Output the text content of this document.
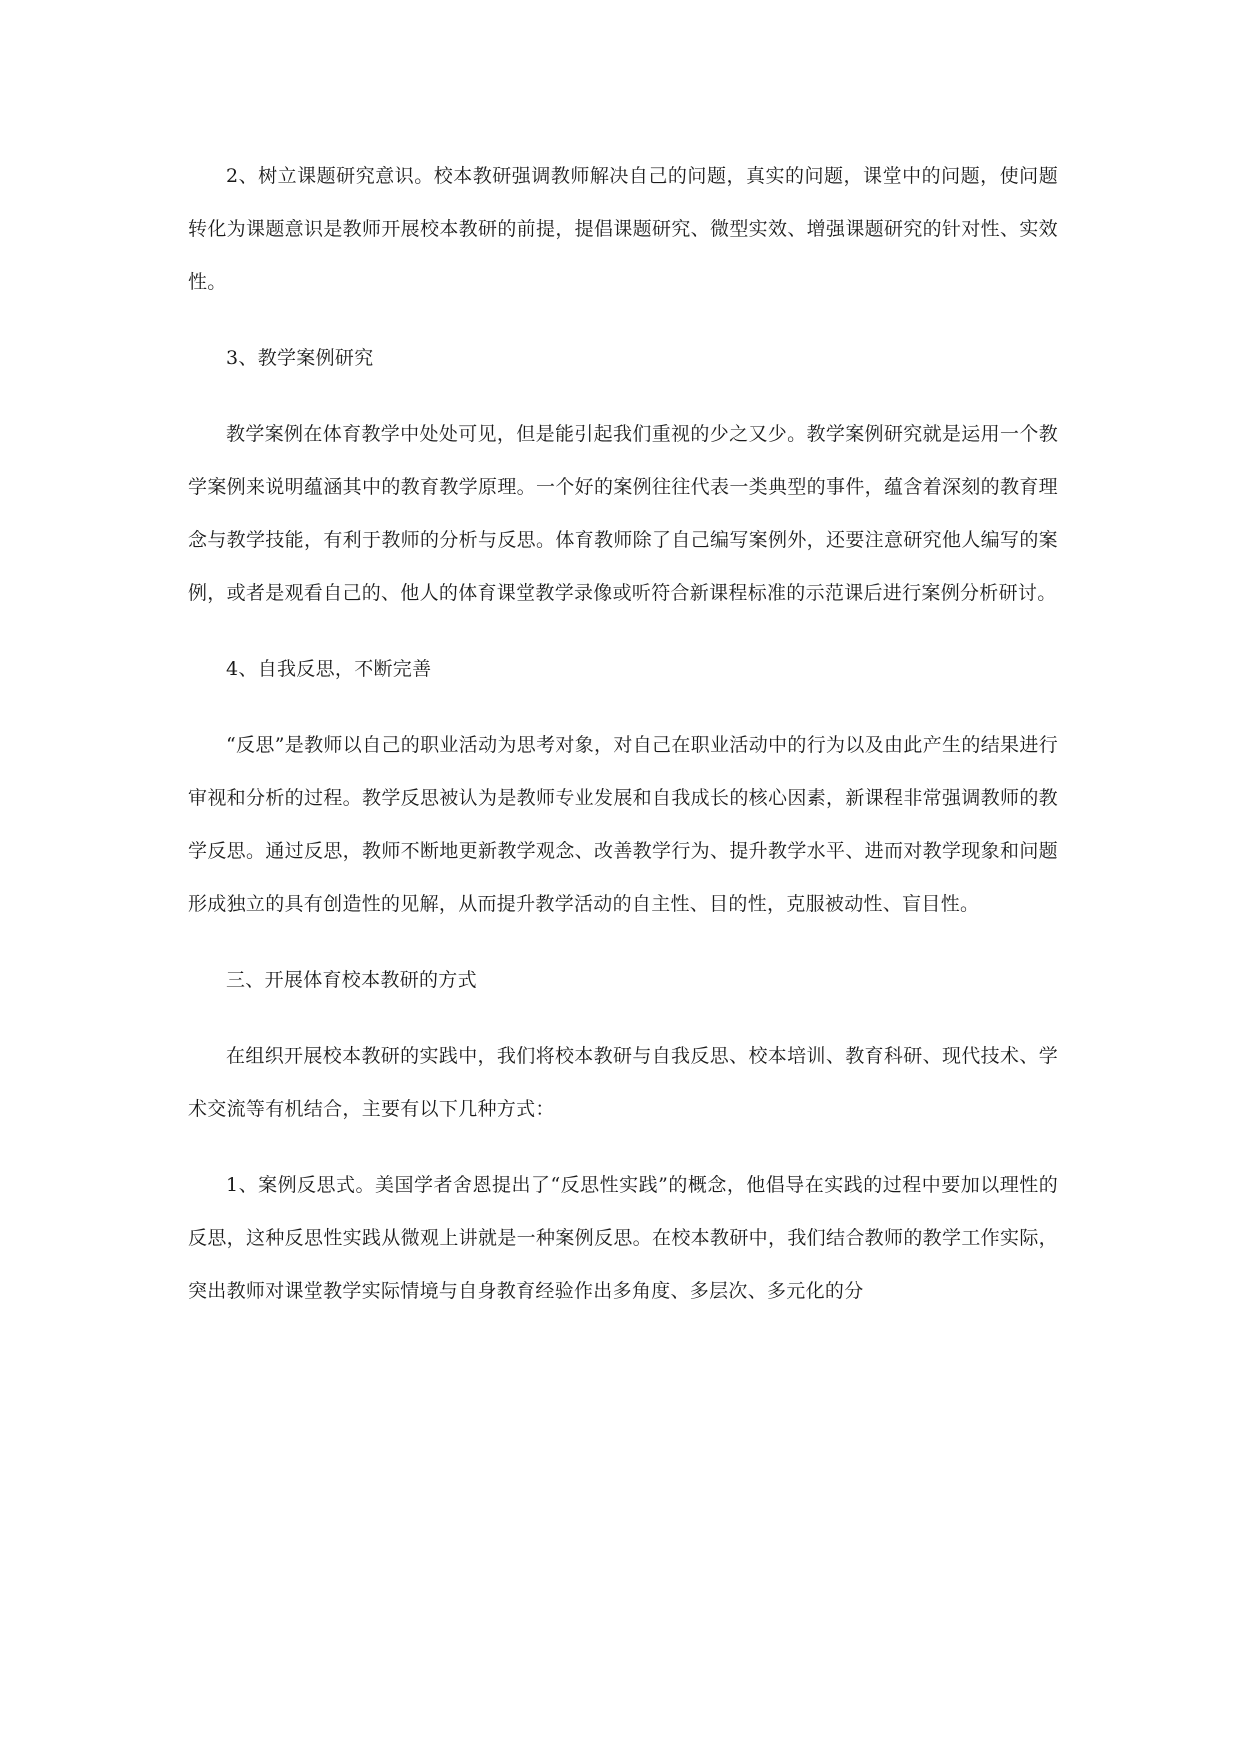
2、树立课题研究意识。校本教研强调教师解决自己的问题，真实的问题，课堂中的问题，使问题转化为课题意识是教师开展校本教研的前提，提倡课题研究、微型实效、增强课题研究的针对性、实效性。

3、教学案例研究

教学案例在体育教学中处处可见，但是能引起我们重视的少之又少。教学案例研究就是运用一个教学案例来说明蕴涵其中的教育教学原理。一个好的案例往往代表一类典型的事件，蕴含着深刻的教育理念与教学技能，有利于教师的分析与反思。体育教师除了自己编写案例外，还要注意研究他人编写的案例，或者是观看自己的、他人的体育课堂教学录像或听符合新课程标准的示范课后进行案例分析研讨。

4、自我反思，不断完善

“反思”是教师以自己的职业活动为思考对象，对自己在职业活动中的行为以及由此产生的结果进行审视和分析的过程。教学反思被认为是教师专业发展和自我成长的核心因素，新课程非常强调教师的教学反思。通过反思，教师不断地更新教学观念、改善教学行为、提升教学水平、进而对教学现象和问题形成独立的具有创造性的见解，从而提升教学活动的自主性、目的性，克服被动性、盲目性。

三、开展体育校本教研的方式

在组织开展校本教研的实践中，我们将校本教研与自我反思、校本培训、教育科研、现代技术、学术交流等有机结合，主要有以下几种方式：

1、案例反思式。美国学者舍恩提出了“反思性实践”的概念，他倡导在实践的过程中要加以理性的反思，这种反思性实践从微观上讲就是一种案例反思。在校本教研中，我们结合教师的教学工作实际，突出教师对课堂教学实际情境与自身教育经验作出多角度、多层次、多元化的分
